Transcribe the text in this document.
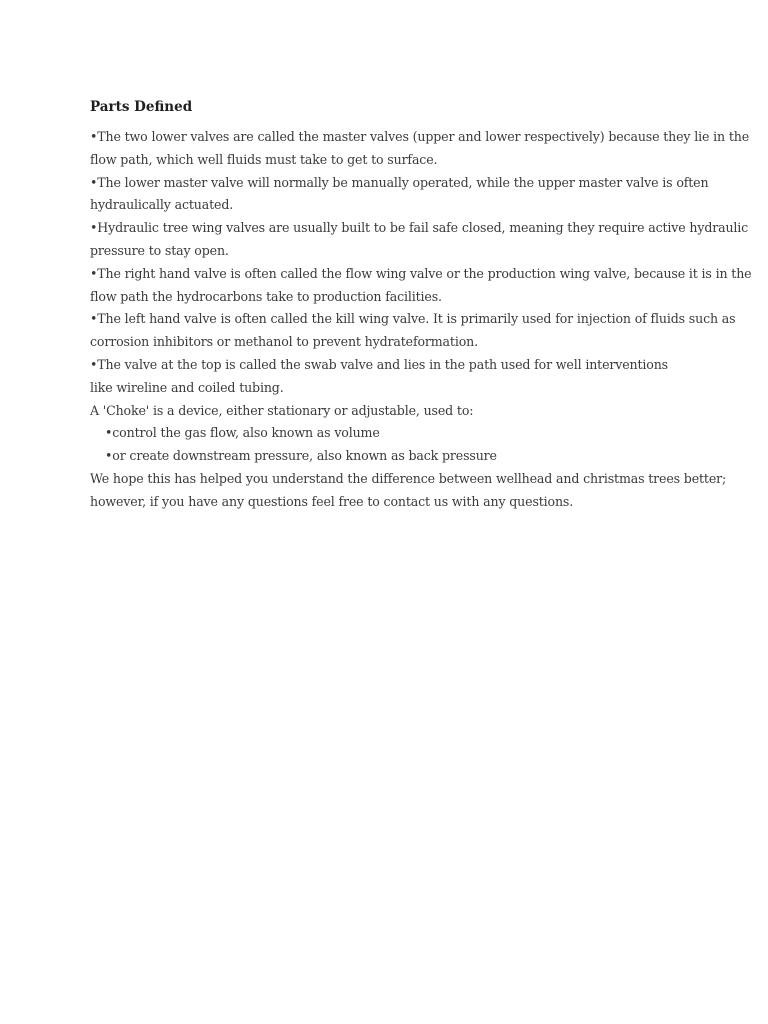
Parts Defined

•The two lower valves are called the master valves (upper and lower respectively) because they lie in the
flow path, which well fluids must take to get to surface.

•The lower master valve will normally be manually operated, while the upper master valve is often
hydraulically actuated.

•Hydraulic tree wing valves are usually built to be fail safe closed, meaning they require active hydraulic
pressure to stay open.

•The right hand valve is often called the flow wing valve or the production wing valve, because it is in the
flow path the hydrocarbons take to production facilities.

•The left hand valve is often called the kill wing valve. It is primarily used for injection of fluids such as
corrosion inhibitors or methanol to prevent hydrateformation.

•The valve at the top is called the swab valve and lies in the path used for well interventions
like wireline and coiled tubing.

A 'Choke' is a device, either stationary or adjustable, used to:
•control the gas flow, also known as volume
•or create downstream pressure, also known as back pressure

We hope this has helped you understand the difference between wellhead and christmas trees better;
however, if you have any questions feel free to contact us with any questions.
